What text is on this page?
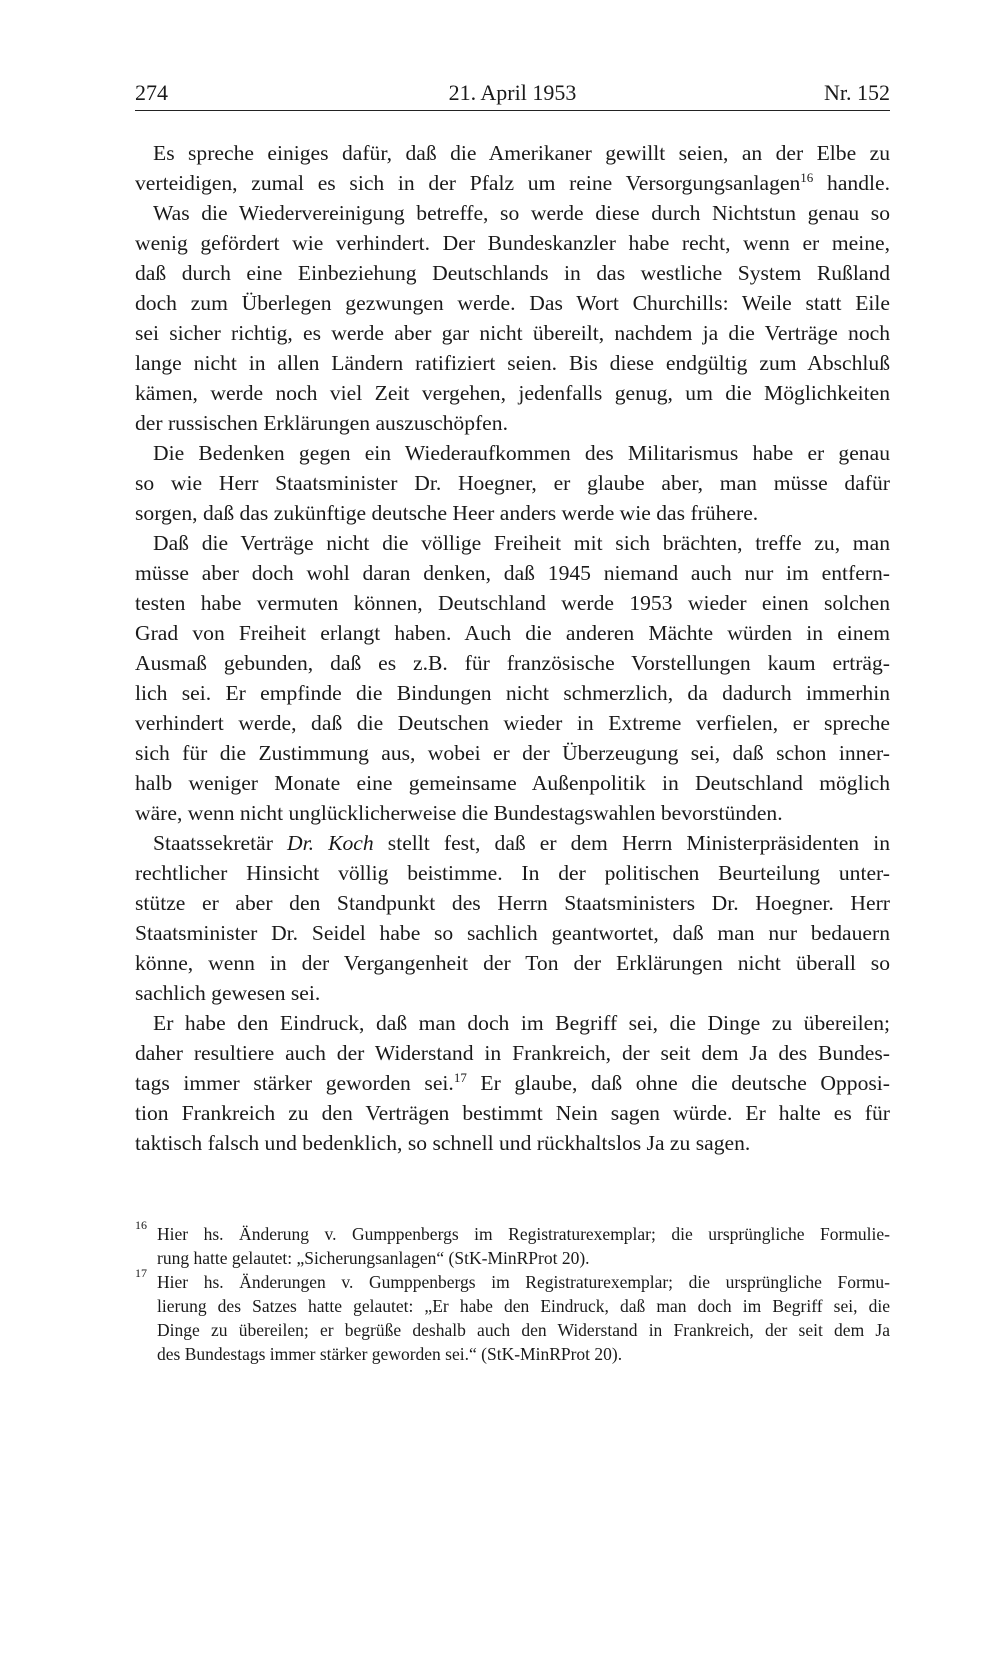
274	21. April 1953	Nr. 152
Es spreche einiges dafür, daß die Amerikaner gewillt seien, an der Elbe zu
verteidigen, zumal es sich in der Pfalz um reine Versorgungsanlagen$^{16}$ handle.
Was die Wiedervereinigung betreffe, so werde diese durch Nichtstun genau so
wenig gefördert wie verhindert. Der Bundeskanzler habe recht, wenn er meine,
daß durch eine Einbeziehung Deutschlands in das westliche System Rußland
doch zum Überlegen gezwungen werde. Das Wort Churchills: Weile statt Eile
sei sicher richtig, es werde aber gar nicht übereilt, nachdem ja die Verträge noch
lange nicht in allen Ländern ratifiziert seien. Bis diese endgültig zum Abschluß
kämen, werde noch viel Zeit vergehen, jedenfalls genug, um die Möglichkeiten
der russischen Erklärungen auszuschöpfen.
Die Bedenken gegen ein Wiederaufkommen des Militarismus habe er genau
so wie Herr Staatsminister Dr. Hoegner, er glaube aber, man müsse dafür
sorgen, daß das zukünftige deutsche Heer anders werde wie das frühere.
Daß die Verträge nicht die völlige Freiheit mit sich brächten, treffe zu, man
müsse aber doch wohl daran denken, daß 1945 niemand auch nur im entfern-
testen habe vermuten können, Deutschland werde 1953 wieder einen solchen
Grad von Freiheit erlangt haben. Auch die anderen Mächte würden in einem
Ausmaß gebunden, daß es z.B. für französische Vorstellungen kaum erträg-
lich sei. Er empfinde die Bindungen nicht schmerzlich, da dadurch immerhin
verhindert werde, daß die Deutschen wieder in Extreme verfielen, er spreche
sich für die Zustimmung aus, wobei er der Überzeugung sei, daß schon inner-
halb weniger Monate eine gemeinsame Außenpolitik in Deutschland möglich
wäre, wenn nicht unglücklicherweise die Bundestagswahlen bevorstünden.
Staatssekretär Dr. Koch stellt fest, daß er dem Herrn Ministerpräsidenten in
rechtlicher Hinsicht völlig beistimme. In der politischen Beurteilung unter-
stütze er aber den Standpunkt des Herrn Staatsministers Dr. Hoegner. Herr
Staatsminister Dr. Seidel habe so sachlich geantwortet, daß man nur bedauern
könne, wenn in der Vergangenheit der Ton der Erklärungen nicht überall so
sachlich gewesen sei.
Er habe den Eindruck, daß man doch im Begriff sei, die Dinge zu übereilen;
daher resultiere auch der Widerstand in Frankreich, der seit dem Ja des Bundes-
tags immer stärker geworden sei.$^{17}$ Er glaube, daß ohne die deutsche Opposi-
tion Frankreich zu den Verträgen bestimmt Nein sagen würde. Er halte es für
taktisch falsch und bedenklich, so schnell und rückhaltslos Ja zu sagen.
16 Hier hs. Änderung v. Gumppenbergs im Registraturexemplar; die ursprüngliche Formulie-
rung hatte gelautet: „Sicherungsanlagen“ (StK-MinRProt 20).
17 Hier hs. Änderungen v. Gumppenbergs im Registraturexemplar; die ursprüngliche Formu-
lierung des Satzes hatte gelautet: „Er habe den Eindruck, daß man doch im Begriff sei, die
Dinge zu übereilen; er begrüße deshalb auch den Widerstand in Frankreich, der seit dem Ja
des Bundestags immer stärker geworden sei.“ (StK-MinRProt 20).
